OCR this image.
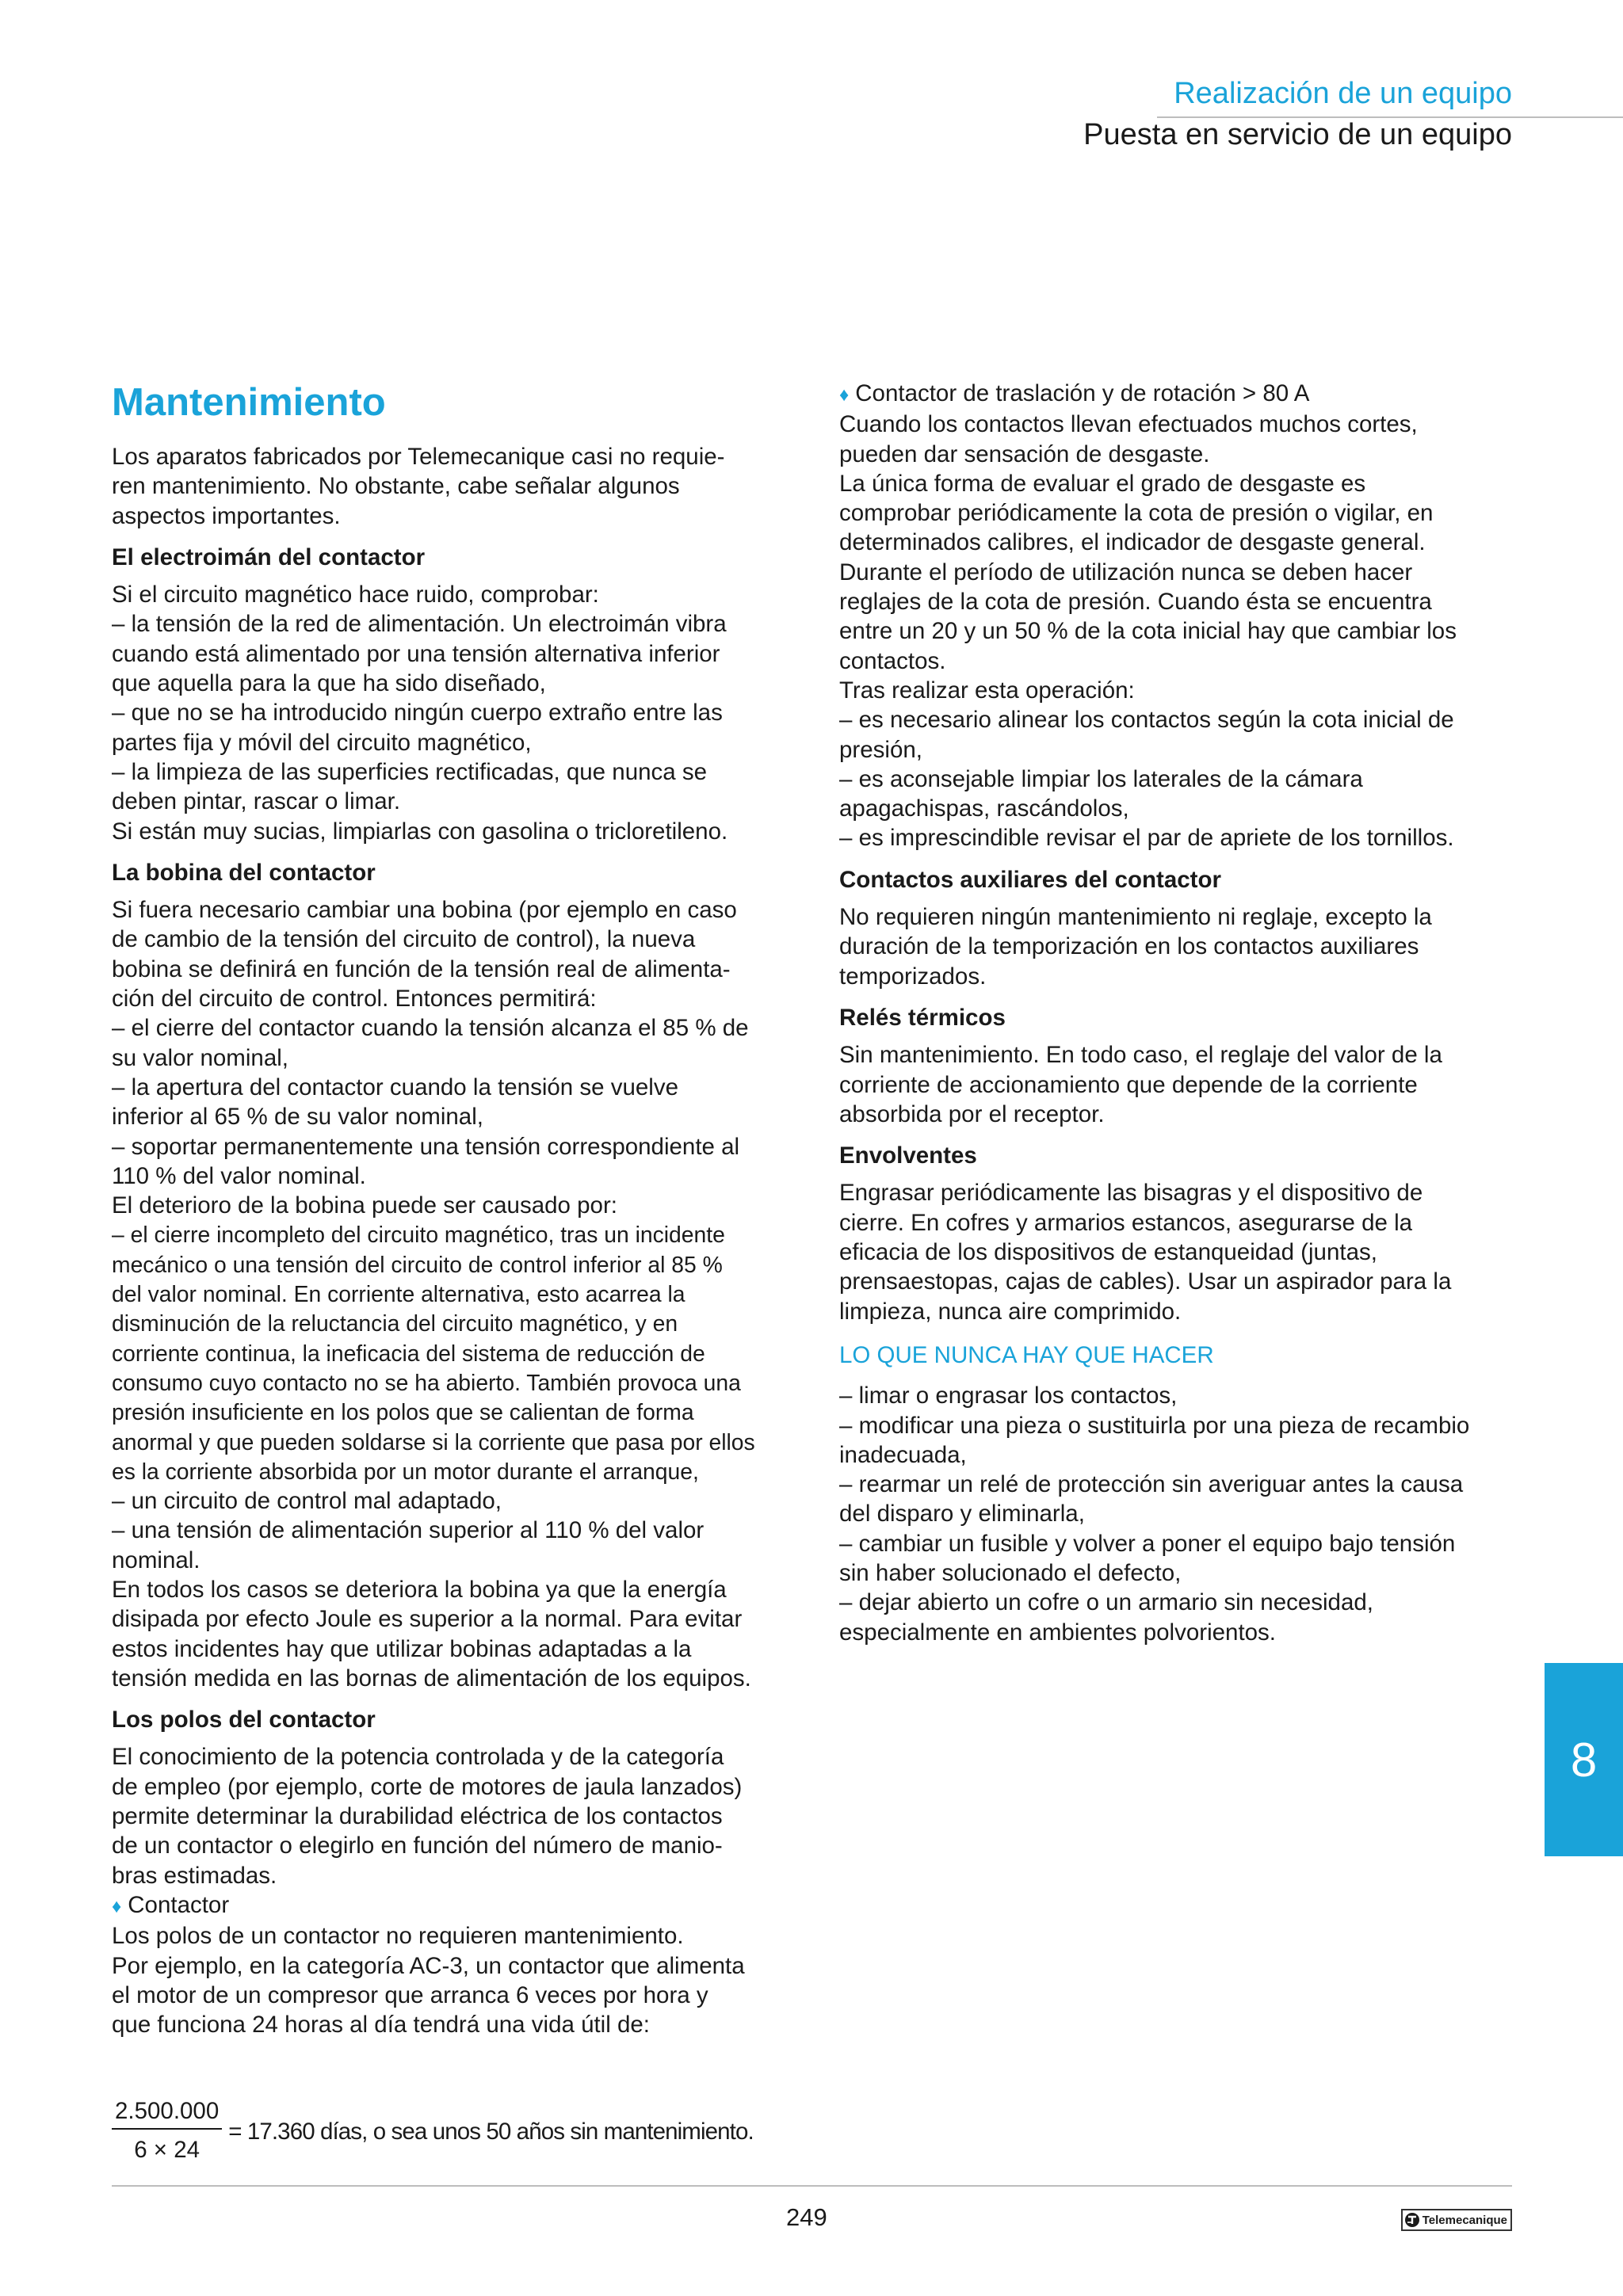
Realización de un equipo
Puesta en servicio de un equipo
Mantenimiento
Los aparatos fabricados por Telemecanique casi no requie-
ren mantenimiento. No obstante, cabe señalar algunos
aspectos importantes.
El electroimán del contactor
Si el circuito magnético hace ruido, comprobar:
– la tensión de la red de alimentación. Un electroimán vibra
cuando está alimentado por una tensión alternativa inferior
que aquella para la que ha sido diseñado,
– que no se ha introducido ningún cuerpo extraño entre las
partes fija y móvil del circuito magnético,
– la limpieza de las superficies rectificadas, que nunca se
deben pintar, rascar o limar.
Si están muy sucias, limpiarlas con gasolina o tricloretileno.
La bobina del contactor
Si fuera necesario cambiar una bobina (por ejemplo en caso
de cambio de la tensión del circuito de control), la nueva
bobina se definirá en función de la tensión real de alimenta-
ción del circuito de control. Entonces permitirá:
– el cierre del contactor cuando la tensión alcanza el 85 % de
su valor nominal,
– la apertura del contactor cuando la tensión se vuelve
inferior al 65 % de su valor nominal,
– soportar permanentemente una tensión correspondiente al
110 % del valor nominal.
El deterioro de la bobina puede ser causado por:
– el cierre incompleto del circuito magnético, tras un incidente
mecánico o una tensión del circuito de control inferior al 85 %
del valor nominal. En corriente alternativa, esto acarrea la
disminución de la reluctancia del circuito magnético, y en
corriente continua, la ineficacia del sistema de reducción de
consumo cuyo contacto no se ha abierto. También provoca una
presión insuficiente en los polos que se calientan de forma
anormal y que pueden soldarse si la corriente que pasa por ellos
es la corriente absorbida por un motor durante el arranque,
– un circuito de control mal adaptado,
– una tensión de alimentación superior al 110 % del valor
nominal.
En todos los casos se deteriora la bobina ya que la energía
disipada por efecto Joule es superior a la normal. Para evitar
estos incidentes hay que utilizar bobinas adaptadas a la
tensión medida en las bornas de alimentación de los equipos.
Los polos del contactor
El conocimiento de la potencia controlada y de la categoría
de empleo (por ejemplo, corte de motores de jaula lanzados)
permite determinar la durabilidad eléctrica de los contactos
de un contactor o elegirlo en función del número de manio-
bras estimadas.
♦ Contactor
Los polos de un contactor no requieren mantenimiento.
Por ejemplo, en la categoría AC-3, un contactor que alimenta
el motor de un compresor que arranca 6 veces por hora y
que funciona 24 horas al día tendrá una vida útil de:
$\frac{2.500.000}{6 \times 24} = 17.360$ días, o sea unos 50 años sin mantenimiento.
♦ Contactor de traslación y de rotación > 80 A
Cuando los contactos llevan efectuados muchos cortes,
pueden dar sensación de desgaste.
La única forma de evaluar el grado de desgaste es
comprobar periódicamente la cota de presión o vigilar, en
determinados calibres, el indicador de desgaste general.
Durante el período de utilización nunca se deben hacer
reglajes de la cota de presión. Cuando ésta se encuentra
entre un 20 y un 50 % de la cota inicial hay que cambiar los
contactos.
Tras realizar esta operación:
– es necesario alinear los contactos según la cota inicial de
presión,
– es aconsejable limpiar los laterales de la cámara
apagachispas, rascándolos,
– es imprescindible revisar el par de apriete de los tornillos.
Contactos auxiliares del contactor
No requieren ningún mantenimiento ni reglaje, excepto la
duración de la temporización en los contactos auxiliares
temporizados.
Relés térmicos
Sin mantenimiento. En todo caso, el reglaje del valor de la
corriente de accionamiento que depende de la corriente
absorbida por el receptor.
Envolventes
Engrasar periódicamente las bisagras y el dispositivo de
cierre. En cofres y armarios estancos, asegurarse de la
eficacia de los dispositivos de estanqueidad (juntas,
prensaestopas, cajas de cables). Usar un aspirador para la
limpieza, nunca aire comprimido.
LO QUE NUNCA HAY QUE HACER
– limar o engrasar los contactos,
– modificar una pieza o sustituirla por una pieza de recambio
inadecuada,
– rearmar un relé de protección sin averiguar antes la causa
del disparo y eliminarla,
– cambiar un fusible y volver a poner el equipo bajo tensión
sin haber solucionado el defecto,
– dejar abierto un cofre o un armario sin necesidad,
especialmente en ambientes polvorientos.
8
249	Telemecanique
